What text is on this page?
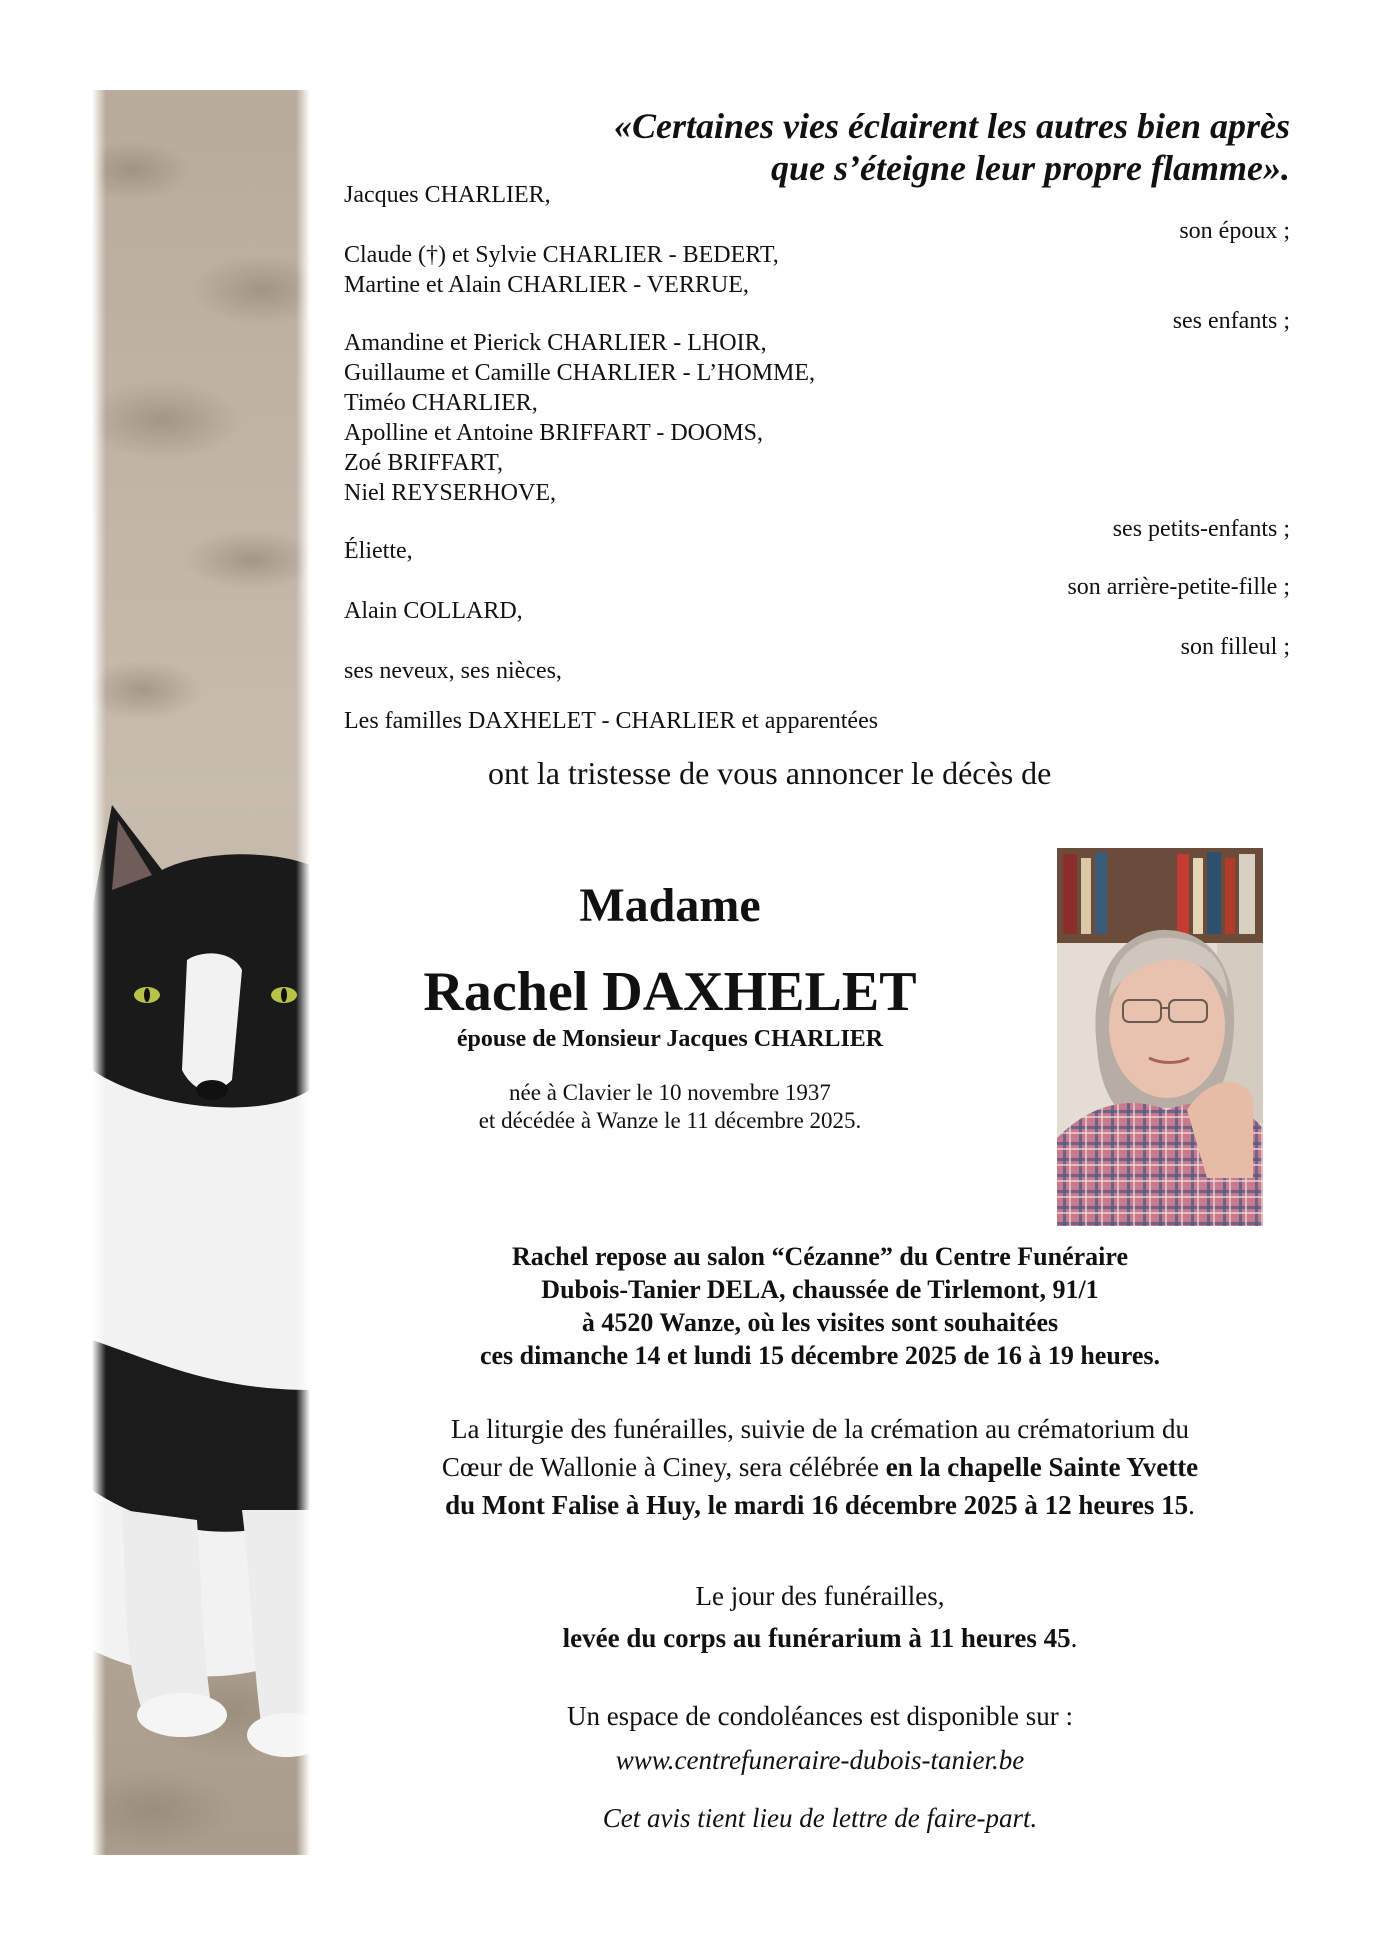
«Certaines vies éclairent les autres bien après
que s’éteigne leur propre flamme».
Jacques CHARLIER,
son époux ;
Claude (†) et Sylvie CHARLIER - BEDERT,
Martine et Alain CHARLIER - VERRUE,
ses enfants ;
Amandine et Pierick CHARLIER - LHOIR,
Guillaume et Camille CHARLIER - L’HOMME,
Timéo CHARLIER,
Apolline et Antoine BRIFFART - DOOMS,
Zoé BRIFFART,
Niel REYSERHOVE,
ses petits-enfants ;
Éliette,
son arrière-petite-fille ;
Alain COLLARD,
son filleul ;
ses neveux, ses nièces,
Les familles DAXHELET - CHARLIER et apparentées
ont la tristesse de vous annoncer le décès de
Madame
Rachel DAXHELET
épouse de Monsieur Jacques CHARLIER
née à Clavier le 10 novembre 1937
et décédée à Wanze le 11 décembre 2025.
Rachel repose au salon “Cézanne” du Centre Funéraire
Dubois-Tanier DELA, chaussée de Tirlemont, 91/1
à 4520 Wanze, où les visites sont souhaitées
ces dimanche 14 et lundi 15 décembre 2025 de 16 à 19 heures.
La liturgie des funérailles, suivie de la crémation au crématorium du
Cœur de Wallonie à Ciney, sera célébrée en la chapelle Sainte Yvette
du Mont Falise à Huy, le mardi 16 décembre 2025 à 12 heures 15.
Le jour des funérailles,
levée du corps au funérarium à 11 heures 45.
Un espace de condoléances est disponible sur :
www.centrefuneraire-dubois-tanier.be
Cet avis tient lieu de lettre de faire-part.
